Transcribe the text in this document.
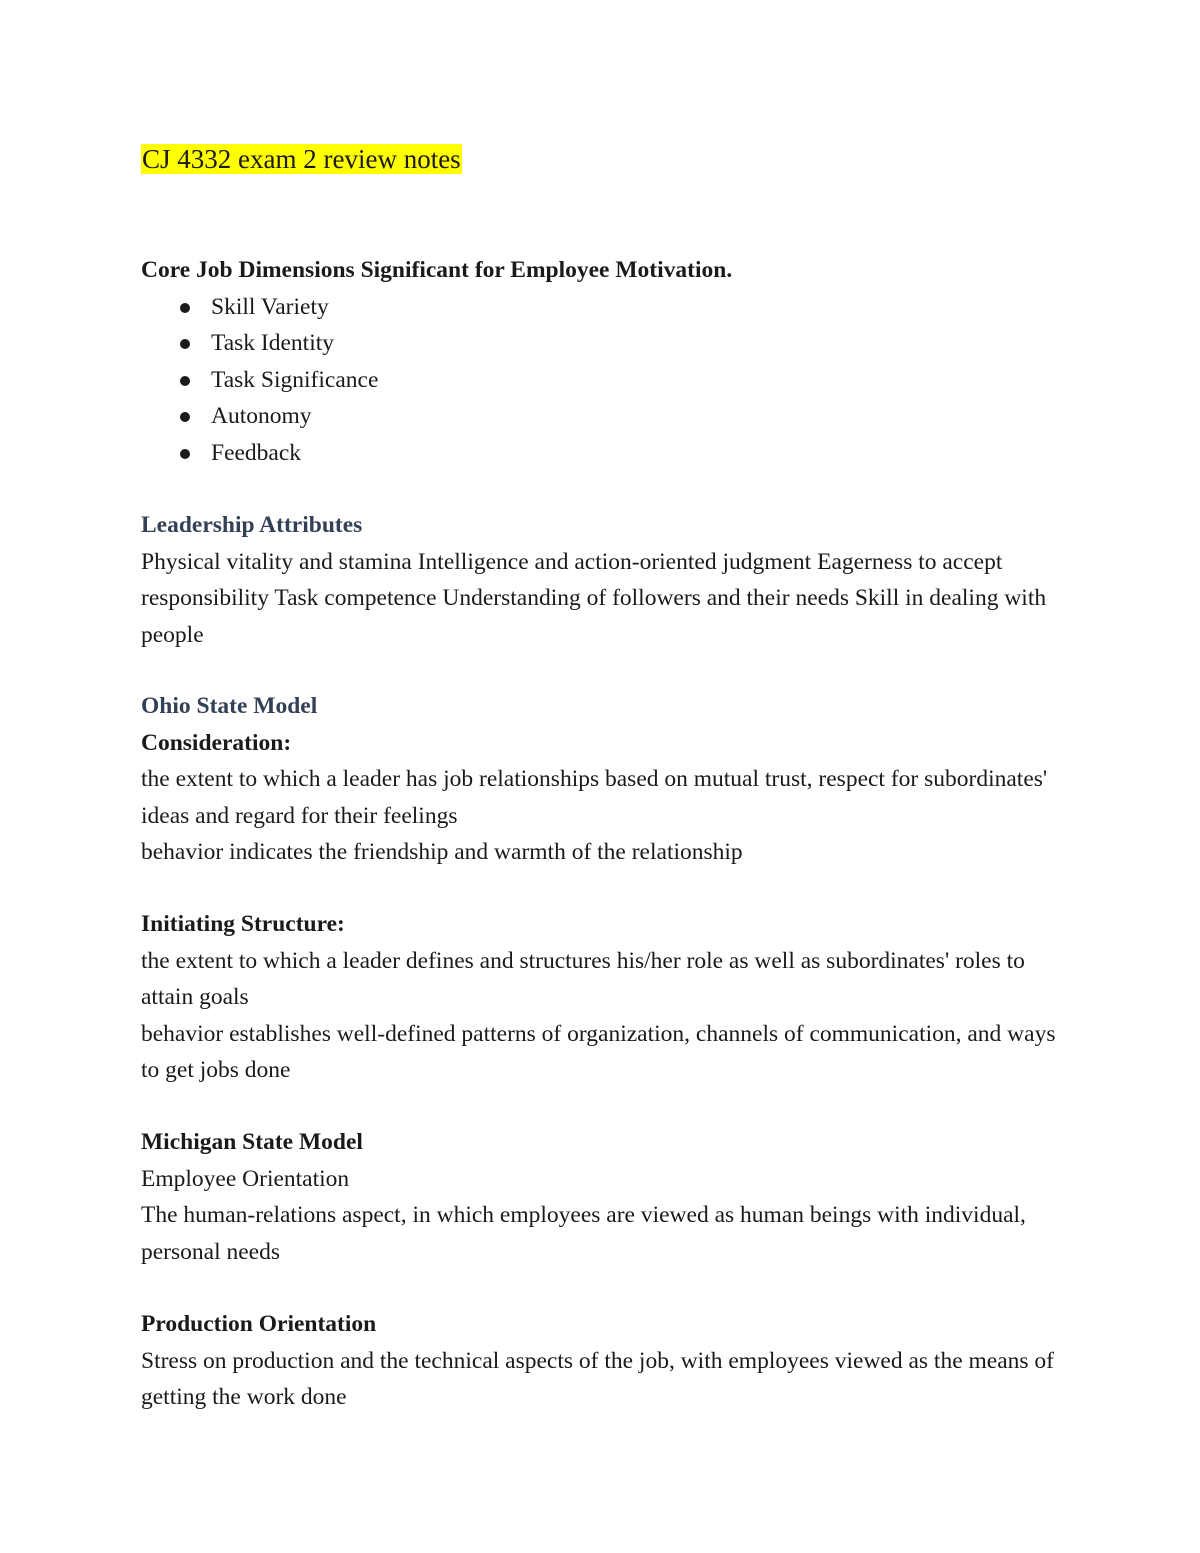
CJ 4332 exam 2 review notes

Core Job Dimensions Significant for Employee Motivation.

Skill Variety
Task Identity
Task Significance
Autonomy
Feedback

Leadership Attributes

Physical vitality and stamina Intelligence and action-oriented judgment Eagerness to accept responsibility Task competence Understanding of followers and their needs Skill in dealing with people

Ohio State Model

Consideration:

the extent to which a leader has job relationships based on mutual trust, respect for subordinates' ideas and regard for their feelings

behavior indicates the friendship and warmth of the relationship

Initiating Structure:

the extent to which a leader defines and structures his/her role as well as subordinates' roles to attain goals

behavior establishes well-defined patterns of organization, channels of communication, and ways to get jobs done

Michigan State Model

Employee Orientation

The human-relations aspect, in which employees are viewed as human beings with individual, personal needs

Production Orientation

Stress on production and the technical aspects of the job, with employees viewed as the means of getting the work done
